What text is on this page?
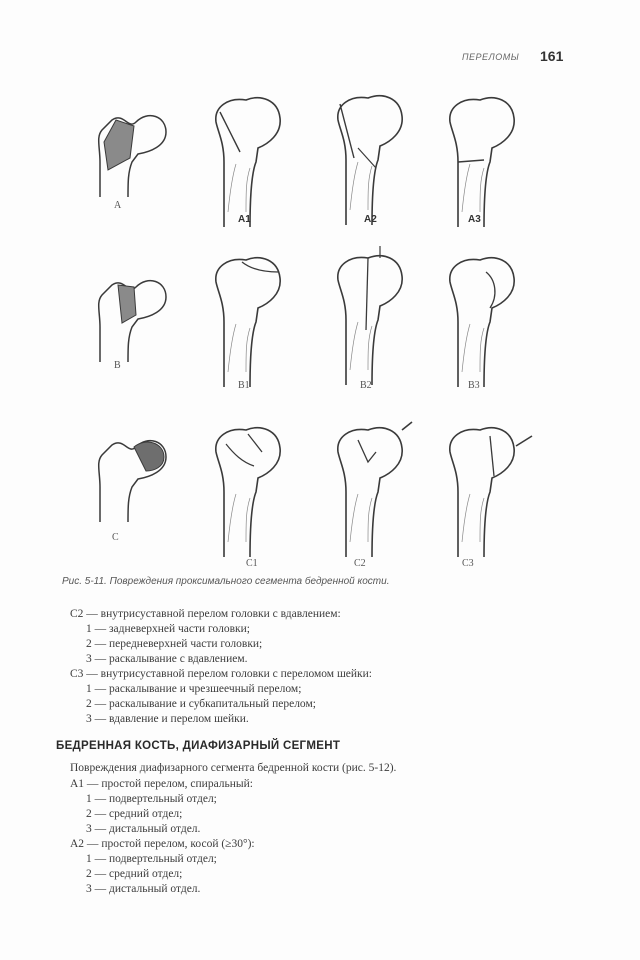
ПЕРЕЛОМЫ 161
A
A1	A2	A3
B
B1	B2	B3
C
C1	C2	C3
Рис. 5-11. Повреждения проксимального сегмента бедренной кости.
C2 — внутрисуставной перелом головки с вдавлением:
1 — задневерхней части головки;
2 — передневерхней части головки;
3 — раскалывание с вдавлением.
C3 — внутрисуставной перелом головки с переломом шейки:
1 — раскалывание и чрезшеечный перелом;
2 — раскалывание и субкапитальный перелом;
3 — вдавление и перелом шейки.
БЕДРЕННАЯ КОСТЬ, ДИАФИЗАРНЫЙ СЕГМЕНТ
Повреждения диафизарного сегмента бедренной кости (рис. 5-12).
A1 — простой перелом, спиральный:
1 — подвертельный отдел;
2 — средний отдел;
3 — дистальный отдел.
A2 — простой перелом, косой (≥30°):
1 — подвертельный отдел;
2 — средний отдел;
3 — дистальный отдел.
